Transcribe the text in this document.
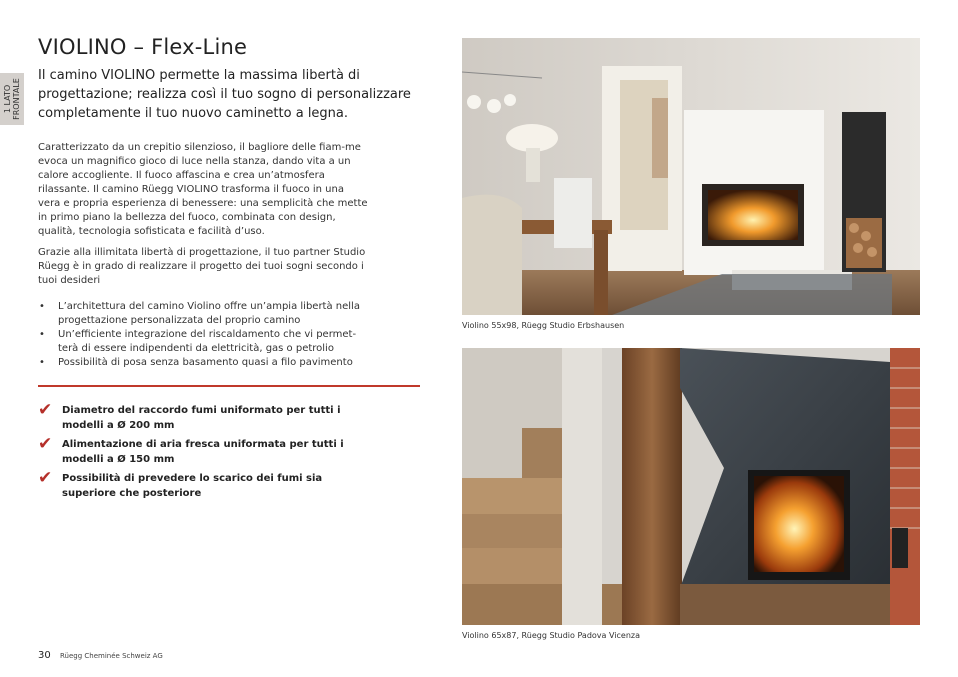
1 LATO FRONTALE
VIOLINO – Flex-Line

Il camino VIOLINO permette la massima libertà di progettazione; realizza così il tuo sogno di personalizzare completamente il tuo nuovo caminetto a legna.

Caratterizzato da un crepitio silenzioso, il bagliore delle fiam-me evoca un magnifico gioco di luce nella stanza, dando vita a un calore accogliente. Il fuoco affascina e crea un’atmosfera rilassante. Il camino Rüegg VIOLINO trasforma il fuoco in una vera e propria esperienza di benessere: una semplicità che mette in primo piano la bellezza del fuoco, combinata con design, qualità, tecnologia sofisticata e facilità d’uso.

Grazie alla illimitata libertà di progettazione, il tuo partner Studio Rüegg è in grado di realizzare il progetto dei tuoi sogni secondo i tuoi desideri

• L’architettura del camino Violino offre un’ampia libertà nella progettazione personalizzata del proprio camino
• Un’efficiente integrazione del riscaldamento che vi permet-terà di essere indipendenti da elettricità, gas o petrolio
• Possibilità di posa senza basamento quasi a filo pavimento
✔ Diametro del raccordo fumi uniformato per tutti i modelli a Ø 200 mm
✔ Alimentazione di aria fresca uniformata per tutti i modelli a Ø 150 mm
✔ Possibilità di prevedere lo scarico dei fumi sia superiore che posteriore
Violino 55x98, Rüegg Studio Erbshausen
Violino 65x87, Rüegg Studio Padova Vicenza
30 Rüegg Cheminée Schweiz AG
